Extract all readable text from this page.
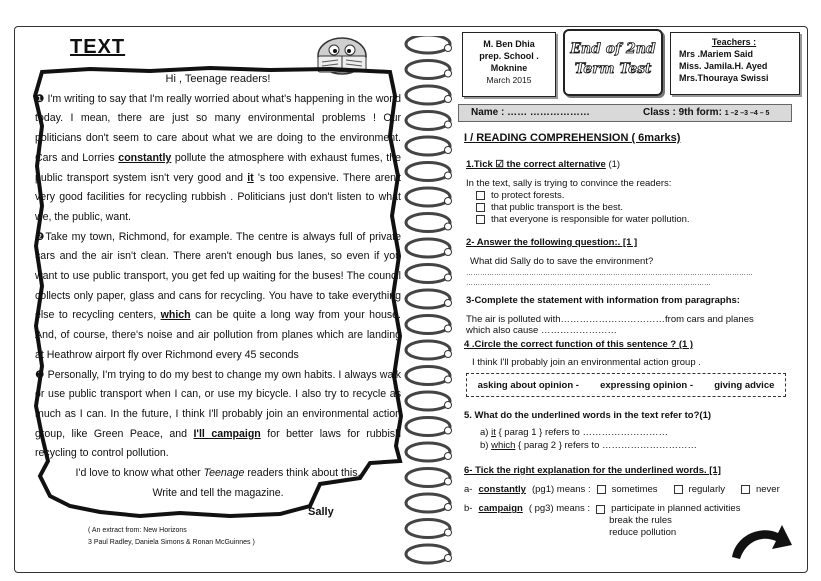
TEXT
Hi , Teenage readers!

❶ I'm writing to say that I'm really worried about what's happening in the world today. I mean, there are just so many environmental problems ! Our politicians don't seem to care about what we are doing to the environment. Cars and Lorries constantly pollute the atmosphere with exhaust fumes, the public transport system isn't very good and it 's too expensive. There aren't very good facilities for recycling rubbish . Politicians just don't listen to what we, the public, want.

❷Take my town, Richmond, for example. The centre is always full of private cars and the air isn't clean. There aren't enough bus lanes, so even if you want to use public transport, you get fed up waiting for the buses! The council collects only paper, glass and cans for recycling. You have to take everything else to recycling centers, which can be quite a long way from your house. And, of course, there's noise and air pollution from planes which are landing at Heathrow airport fly over Richmond every 45 seconds

❸ Personally, I'm trying to do my best to change my own habits. I always walk or use public transport when I can, or use my bicycle. I also try to recycle as much as I can. In the future, I think I'll probably join an environmental action group, like Green Peace, and I'll campaign for better laws for rubbish recycling to control pollution.

I'd love to know what other Teenage readers think about this.

Write and tell the magazine.

Sally
( An extract from: New Horizons
3 Paul Radley, Daniela Simons & Ronan McGuinnes )
M. Ben Dhia
prep. School .
Moknine
March 2015
End of 2nd
Term Test
Teachers :
Mrs .Mariem Said
Miss. Jamila.H. Ayed
Mrs.Thouraya Swissi
Name : …… ………………	Class : 9th form: 1 –2 –3 –4 – 5
I / READING COMPREHENSION ( 6marks)
1.Tick ☑ the correct alternative (1)
In the text, sally is trying to convince the readers:
to protect forests.
that public transport is the best.
that everyone is responsible for water pollution.
2- Answer the following question:. [1 ]
What did Sally do to save the environment?
……………………………………………………………………………………………………………
……………………………………………………………………………………………
3-Complete the statement with information from paragraphs:
The air is polluted with……………………………from cars and planes
which also cause ……………………
4 .Circle the correct function of this sentence ? (1 )
I think I'll probably join an environmental action group .
asking about opinion - expressing opinion - giving advice
5. What do the underlined words in the text refer to?(1)
a) it { parag 1 } refers to ………………………
b) which { parag 2 } refers to …………………………
6- Tick the right explanation for the underlined words. [1]
a- constantly (pg1) means : sometimes	regularly	never
b- campaign ( pg3) means : participate in planned activities
break the rules
reduce pollution
